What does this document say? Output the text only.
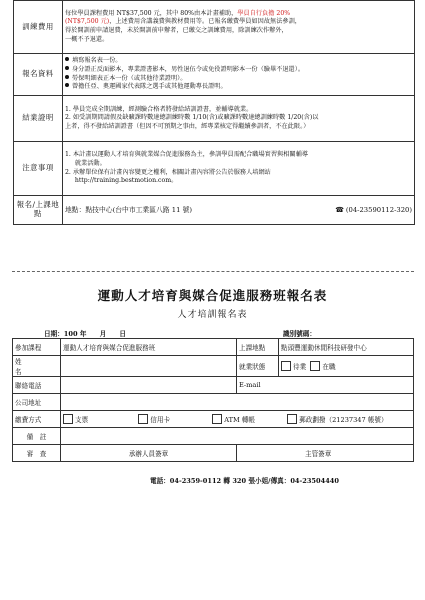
訓練費用	每位學員課程費用 NT$37,500 元，其中 80%由本計畫補助，學員自行負擔 20%
(NT$7,500 元)，上述費用含講義費與教材費用等。已報名繳費學員如因故無法參訓，
得於開訓前申請退費，未於開訓前申辦者，已繳交之訓練費用，除訓練次作辦外，
一概不予退還。

報名資料	填寫報名表一份。
身分證正反面影本，專業證書影本，男性退伍令或免役證明影本一份（驗畢不退還）。
勞保明細表正本一份（或其他待業證明）。
曾擔任亞、奧運國家代表隊之選手或其他運動專長證明。

結業證明	1. 學員完成全期訓練，經測驗合格者將發給結訓證書，並輔導就業。
2. 如受訓期間請假及缺曠課時數達總訓練時數 1/10(含)或曠課時數達總訓練時數 1/20(含)以
上者，得不發給結訓證書（但因不可預期之事由，經專業核定得繼續參訓者，不在此限。）

注意事項	1. 本計畫以運動人才培育與就業媒合促進服務為主，參訓學員需配合職場實習與相關輔導
就業活動。
2. 承辦單位保有計畫內容變更之權利，相關計畫內容將公告於服務人培網站
http://training.bestmotion.com。

報名/上課地點	地點：點技中心(台中市工業區八路 11 號) ☎ (04-23590112-320)
運動人才培育與媒合促進服務班報名表
人才培訓報名表
日期：100 年　　月　　日	識別號碼：
參加課程	運動人才培育與媒合促進服務班	上課地點	點頭豐運動休閒科技研發中心
姓　　名		就業狀態	待業 在職
聯絡電話		E-mail	
公司地址			
繳費方式	支票 信用卡 ATM 轉帳 郵政劃撥（21237347 帳號）		
備　註			
審　查	承辦人員簽章	主管簽章	
電話：04-2359-0112 轉 320 張小姐/傳真：04-23504440
